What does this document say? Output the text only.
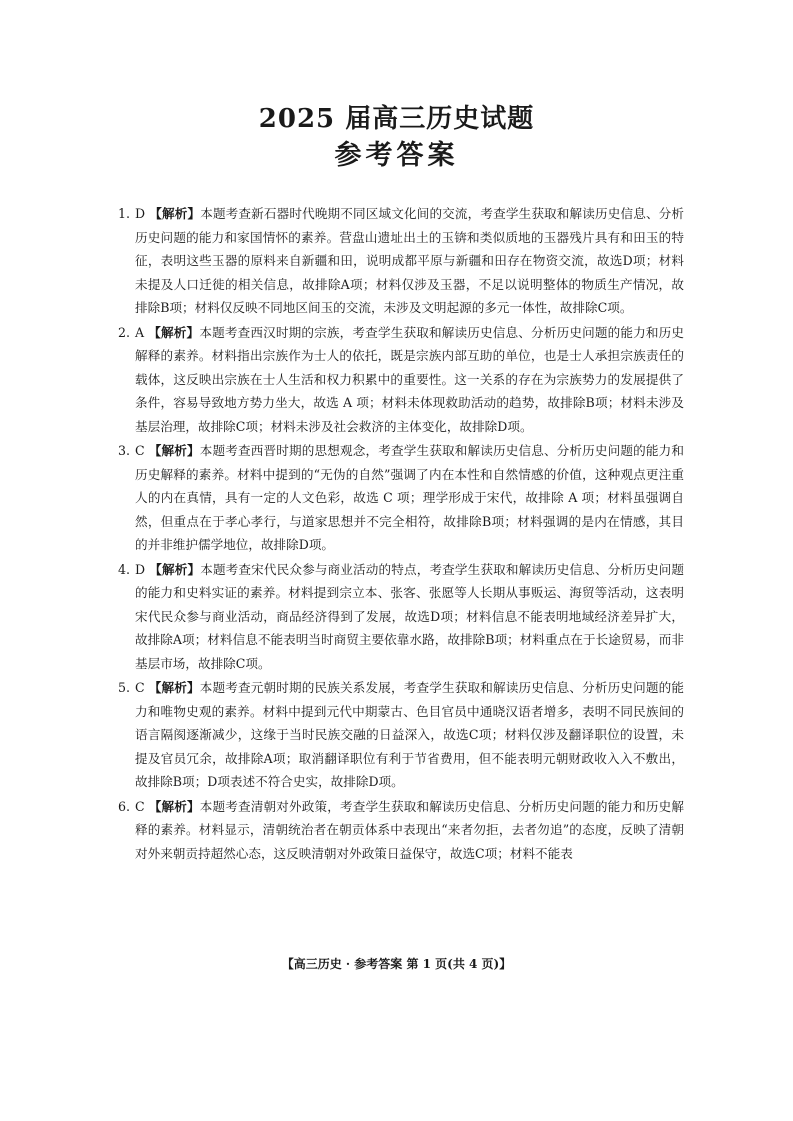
2025 届高三历史试题
参考答案
1. D 【解析】本题考查新石器时代晚期不同区域文化间的交流，考查学生获取和解读历史信息、分析历史问题的能力和家国情怀的素养。营盘山遗址出土的玉锛和类似质地的玉器残片具有和田玉的特征，表明这些玉器的原料来自新疆和田，说明成都平原与新疆和田存在物资交流，故选D项；材料未提及人口迁徙的相关信息，故排除A项；材料仅涉及玉器，不足以说明整体的物质生产情况，故排除B项；材料仅反映不同地区间玉的交流，未涉及文明起源的多元一体性，故排除C项。
2. A 【解析】本题考查西汉时期的宗族，考查学生获取和解读历史信息、分析历史问题的能力和历史解释的素养。材料指出宗族作为士人的依托，既是宗族内部互助的单位，也是士人承担宗族责任的载体，这反映出宗族在士人生活和权力积累中的重要性。这一关系的存在为宗族势力的发展提供了条件，容易导致地方势力坐大，故选 A 项；材料未体现救助活动的趋势，故排除B项；材料未涉及基层治理，故排除C项；材料未涉及社会救济的主体变化，故排除D项。
3. C 【解析】本题考查西晋时期的思想观念，考查学生获取和解读历史信息、分析历史问题的能力和历史解释的素养。材料中提到的“无伪的自然”强调了内在本性和自然情感的价值，这种观点更注重人的内在真情，具有一定的人文色彩，故选 C 项；理学形成于宋代，故排除 A 项；材料虽强调自然，但重点在于孝心孝行，与道家思想并不完全相符，故排除B项；材料强调的是内在情感，其目的并非维护儒学地位，故排除D项。
4. D 【解析】本题考查宋代民众参与商业活动的特点，考查学生获取和解读历史信息、分析历史问题的能力和史料实证的素养。材料提到宗立本、张客、张愿等人长期从事贩运、海贸等活动，这表明宋代民众参与商业活动，商品经济得到了发展，故选D项；材料信息不能表明地域经济差异扩大，故排除A项；材料信息不能表明当时商贸主要依靠水路，故排除B项；材料重点在于长途贸易，而非基层市场，故排除C项。
5. C 【解析】本题考查元朝时期的民族关系发展，考查学生获取和解读历史信息、分析历史问题的能力和唯物史观的素养。材料中提到元代中期蒙古、色目官员中通晓汉语者增多，表明不同民族间的语言隔阂逐渐减少，这缘于当时民族交融的日益深入，故选C项；材料仅涉及翻译职位的设置，未提及官员冗余，故排除A项；取消翻译职位有利于节省费用，但不能表明元朝财政收入入不敷出，故排除B项；D项表述不符合史实，故排除D项。
6. C 【解析】本题考查清朝对外政策，考查学生获取和解读历史信息、分析历史问题的能力和历史解释的素养。材料显示，清朝统治者在朝贡体系中表现出“来者勿拒，去者勿追”的态度，反映了清朝对外来朝贡持超然心态，这反映清朝对外政策日益保守，故选C项；材料不能表
【高三历史 · 参考答案 第 1 页(共 4 页)】
